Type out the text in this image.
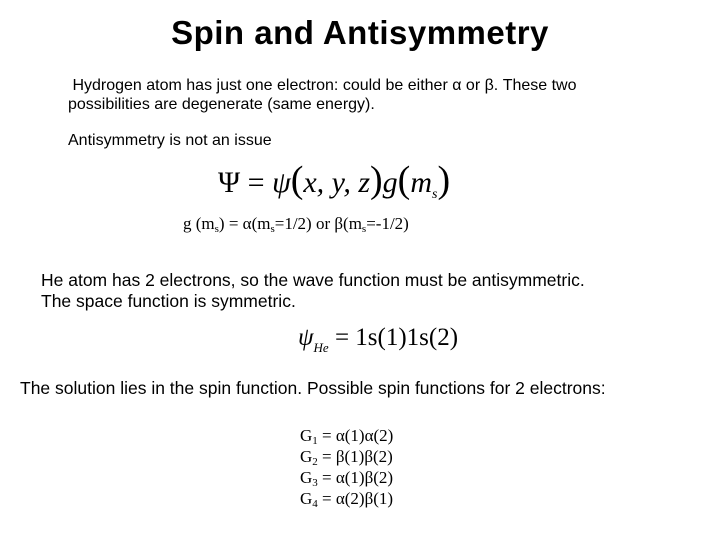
Spin and Antisymmetry
Hydrogen atom has just one electron: could be either α or β. These two
possibilities are degenerate (same energy).
Antisymmetry is not an issue
Ψ = ψ(x, y, $z)g(m_s)$
g $(m_s) = \alpha(m_s=1/2)$ or $\beta(m_s=-1/2)$
He atom has 2 electrons, so the wave function must be antisymmetric.
The space function is symmetric.
$\psi_{He} = 1s(1)1s(2)$
The solution lies in the spin function. Possible spin functions for 2 electrons:
$G_1 = \alpha(1)\alpha(2)$
$G_2 = \beta(1)\beta(2)$
$G_3 = \alpha(1)\beta(2)$
$G_4 = \alpha(2)\beta(1)$
